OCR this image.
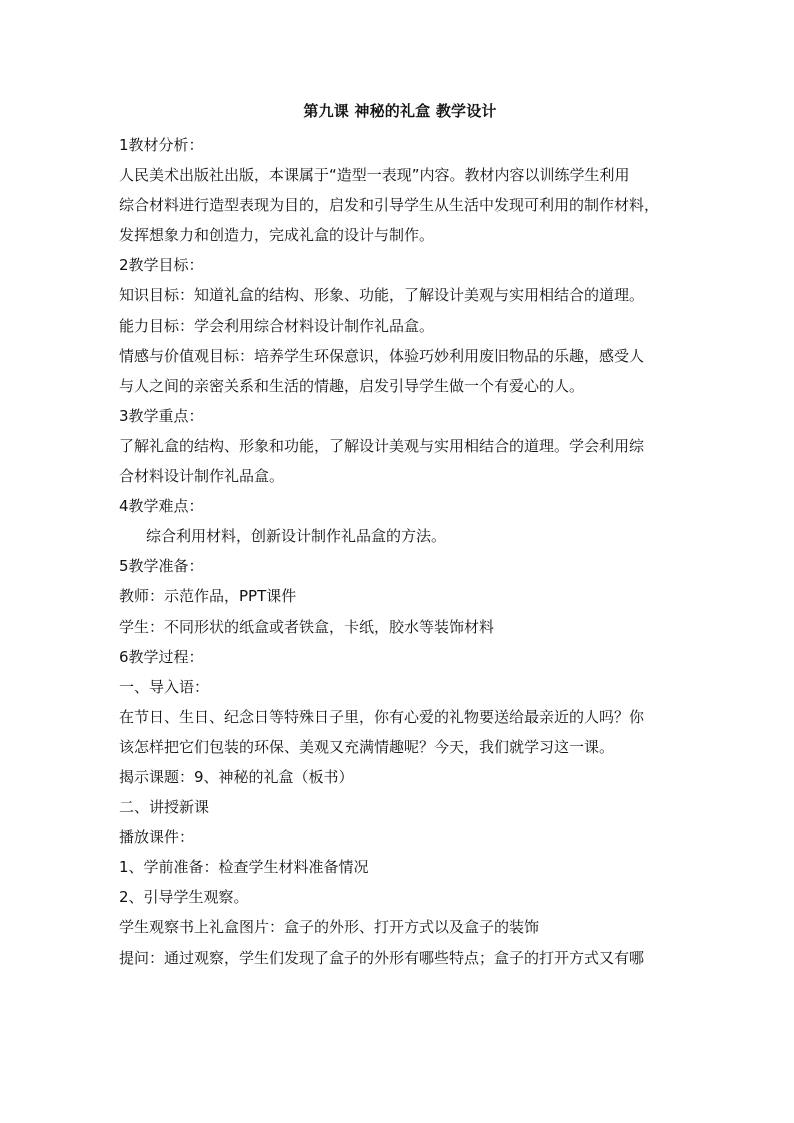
第九课 神秘的礼盒 教学设计

1教材分析：

人民美术出版社出版，本课属于“造型一表现”内容。教材内容以训练学生利用

综合材料进行造型表现为目的，启发和引导学生从生活中发现可利用的制作材料，

发挥想象力和创造力，完成礼盒的设计与制作。

2教学目标：

知识目标：知道礼盒的结构、形象、功能，了解设计美观与实用相结合的道理。

能力目标：学会利用综合材料设计制作礼品盒。

情感与价值观目标：培养学生环保意识，体验巧妙利用废旧物品的乐趣，感受人

与人之间的亲密关系和生活的情趣，启发引导学生做一个有爱心的人。

3教学重点：

了解礼盒的结构、形象和功能，了解设计美观与实用相结合的道理。学会利用综

合材料设计制作礼品盒。

4教学难点：

综合利用材料，创新设计制作礼品盒的方法。

5教学准备：

教师：示范作品，PPT课件

学生：不同形状的纸盒或者铁盒，卡纸，胶水等装饰材料

6教学过程：

一、导入语：

在节日、生日、纪念日等特殊日子里，你有心爱的礼物要送给最亲近的人吗？你

该怎样把它们包装的环保、美观又充满情趣呢？今天，我们就学习这一课。

揭示课题：9、神秘的礼盒（板书）

二、讲授新课

播放课件：

1、学前准备：检查学生材料准备情况

2、引导学生观察。

学生观察书上礼盒图片：盒子的外形、打开方式以及盒子的装饰

提问：通过观察，学生们发现了盒子的外形有哪些特点；盒子的打开方式又有哪
